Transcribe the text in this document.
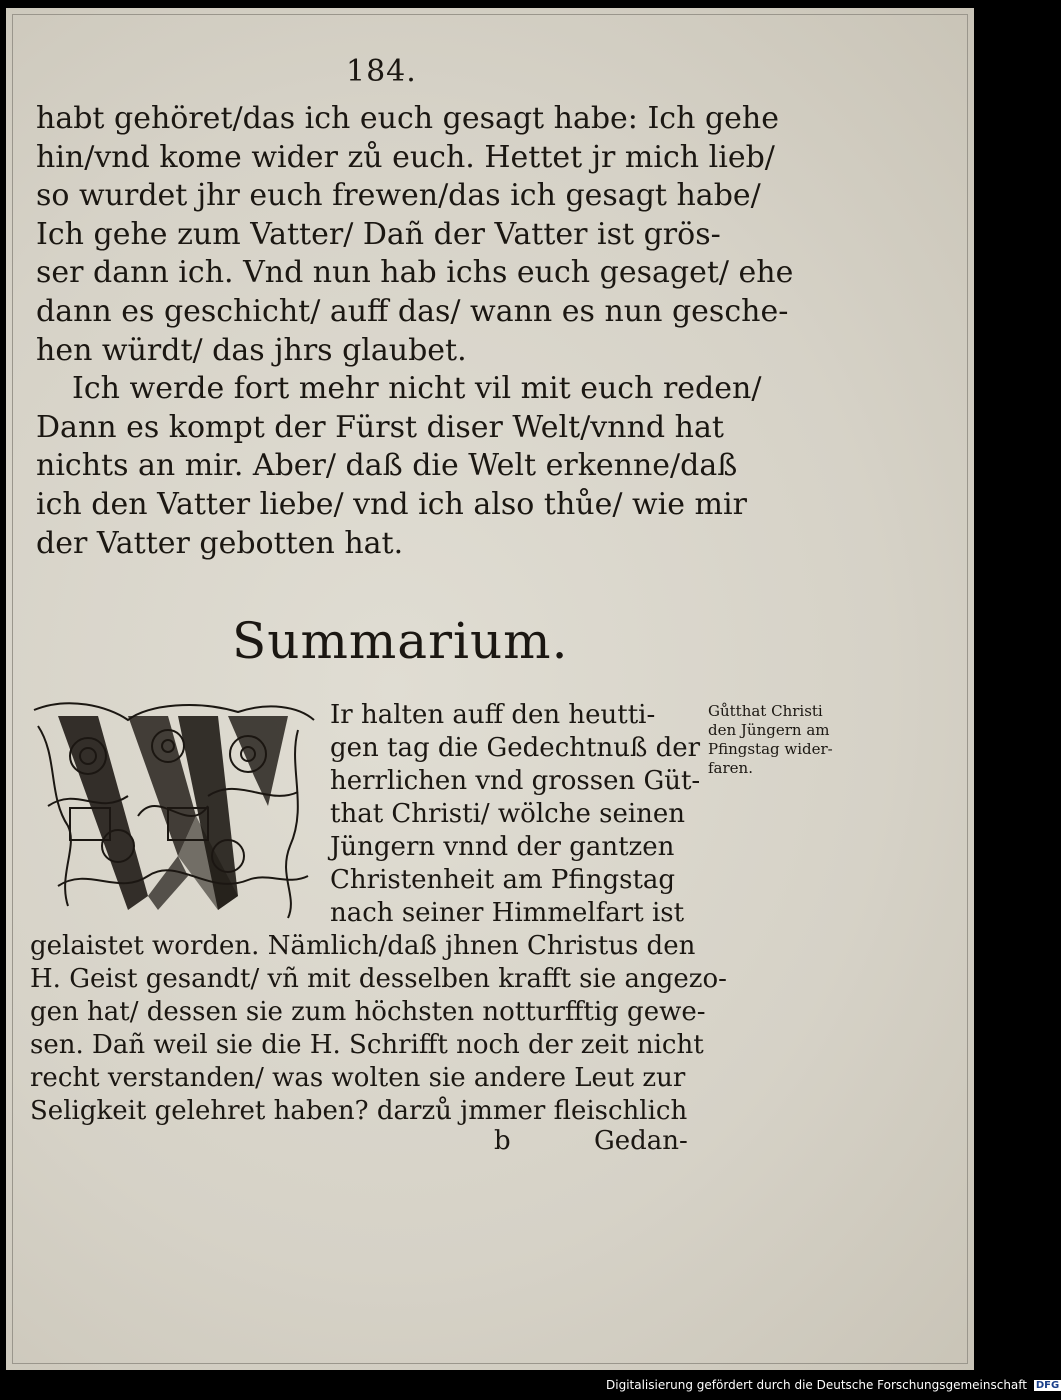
184.
habt gehöret/das ich euch gesagt habe: Ich gehe
hin/vnd kome wider zů euch. Hettet jr mich lieb/
so wurdet jhr euch frewen/das ich gesagt habe/
Ich gehe zum Vatter/ Dañ der Vatter ist grös-
ser dann ich. Vnd nun hab ichs euch gesaget/ ehe
dann es geschicht/ auff das/ wann es nun gesche-
hen würdt/ das jhrs glaubet.
Ich werde fort mehr nicht vil mit euch reden/
Dann es kompt der Fürst diser Welt/vnnd hat
nichts an mir. Aber/ daß die Welt erkenne/daß
ich den Vatter liebe/ vnd ich also thůe/ wie mir
der Vatter gebotten hat.
Summarium.
Ir halten auff den heutti-
gen tag die Gedechtnuß der
herrlichen vnd grossen Güt-
that Christi/ wölche seinen
Jüngern vnnd der gantzen
Christenheit am Pfingstag
nach seiner Himmelfart ist
gelaistet worden. Nämlich/daß jhnen Christus den
H. Geist gesandt/ vñ mit desselben krafft sie angezo-
gen hat/ dessen sie zum höchsten notturfftig gewe-
sen. Dañ weil sie die H. Schrifft noch der zeit nicht
recht verstanden/ was wolten sie andere Leut zur
Seligkeit gelehret haben? darzů jmmer fleischlich
Gůtthat Christi
den Jüngern am
Pfingstag wider-
faren.
b	Gedan-
Digitalisierung gefördert durch die Deutsche Forschungsgemeinschaft DFG
